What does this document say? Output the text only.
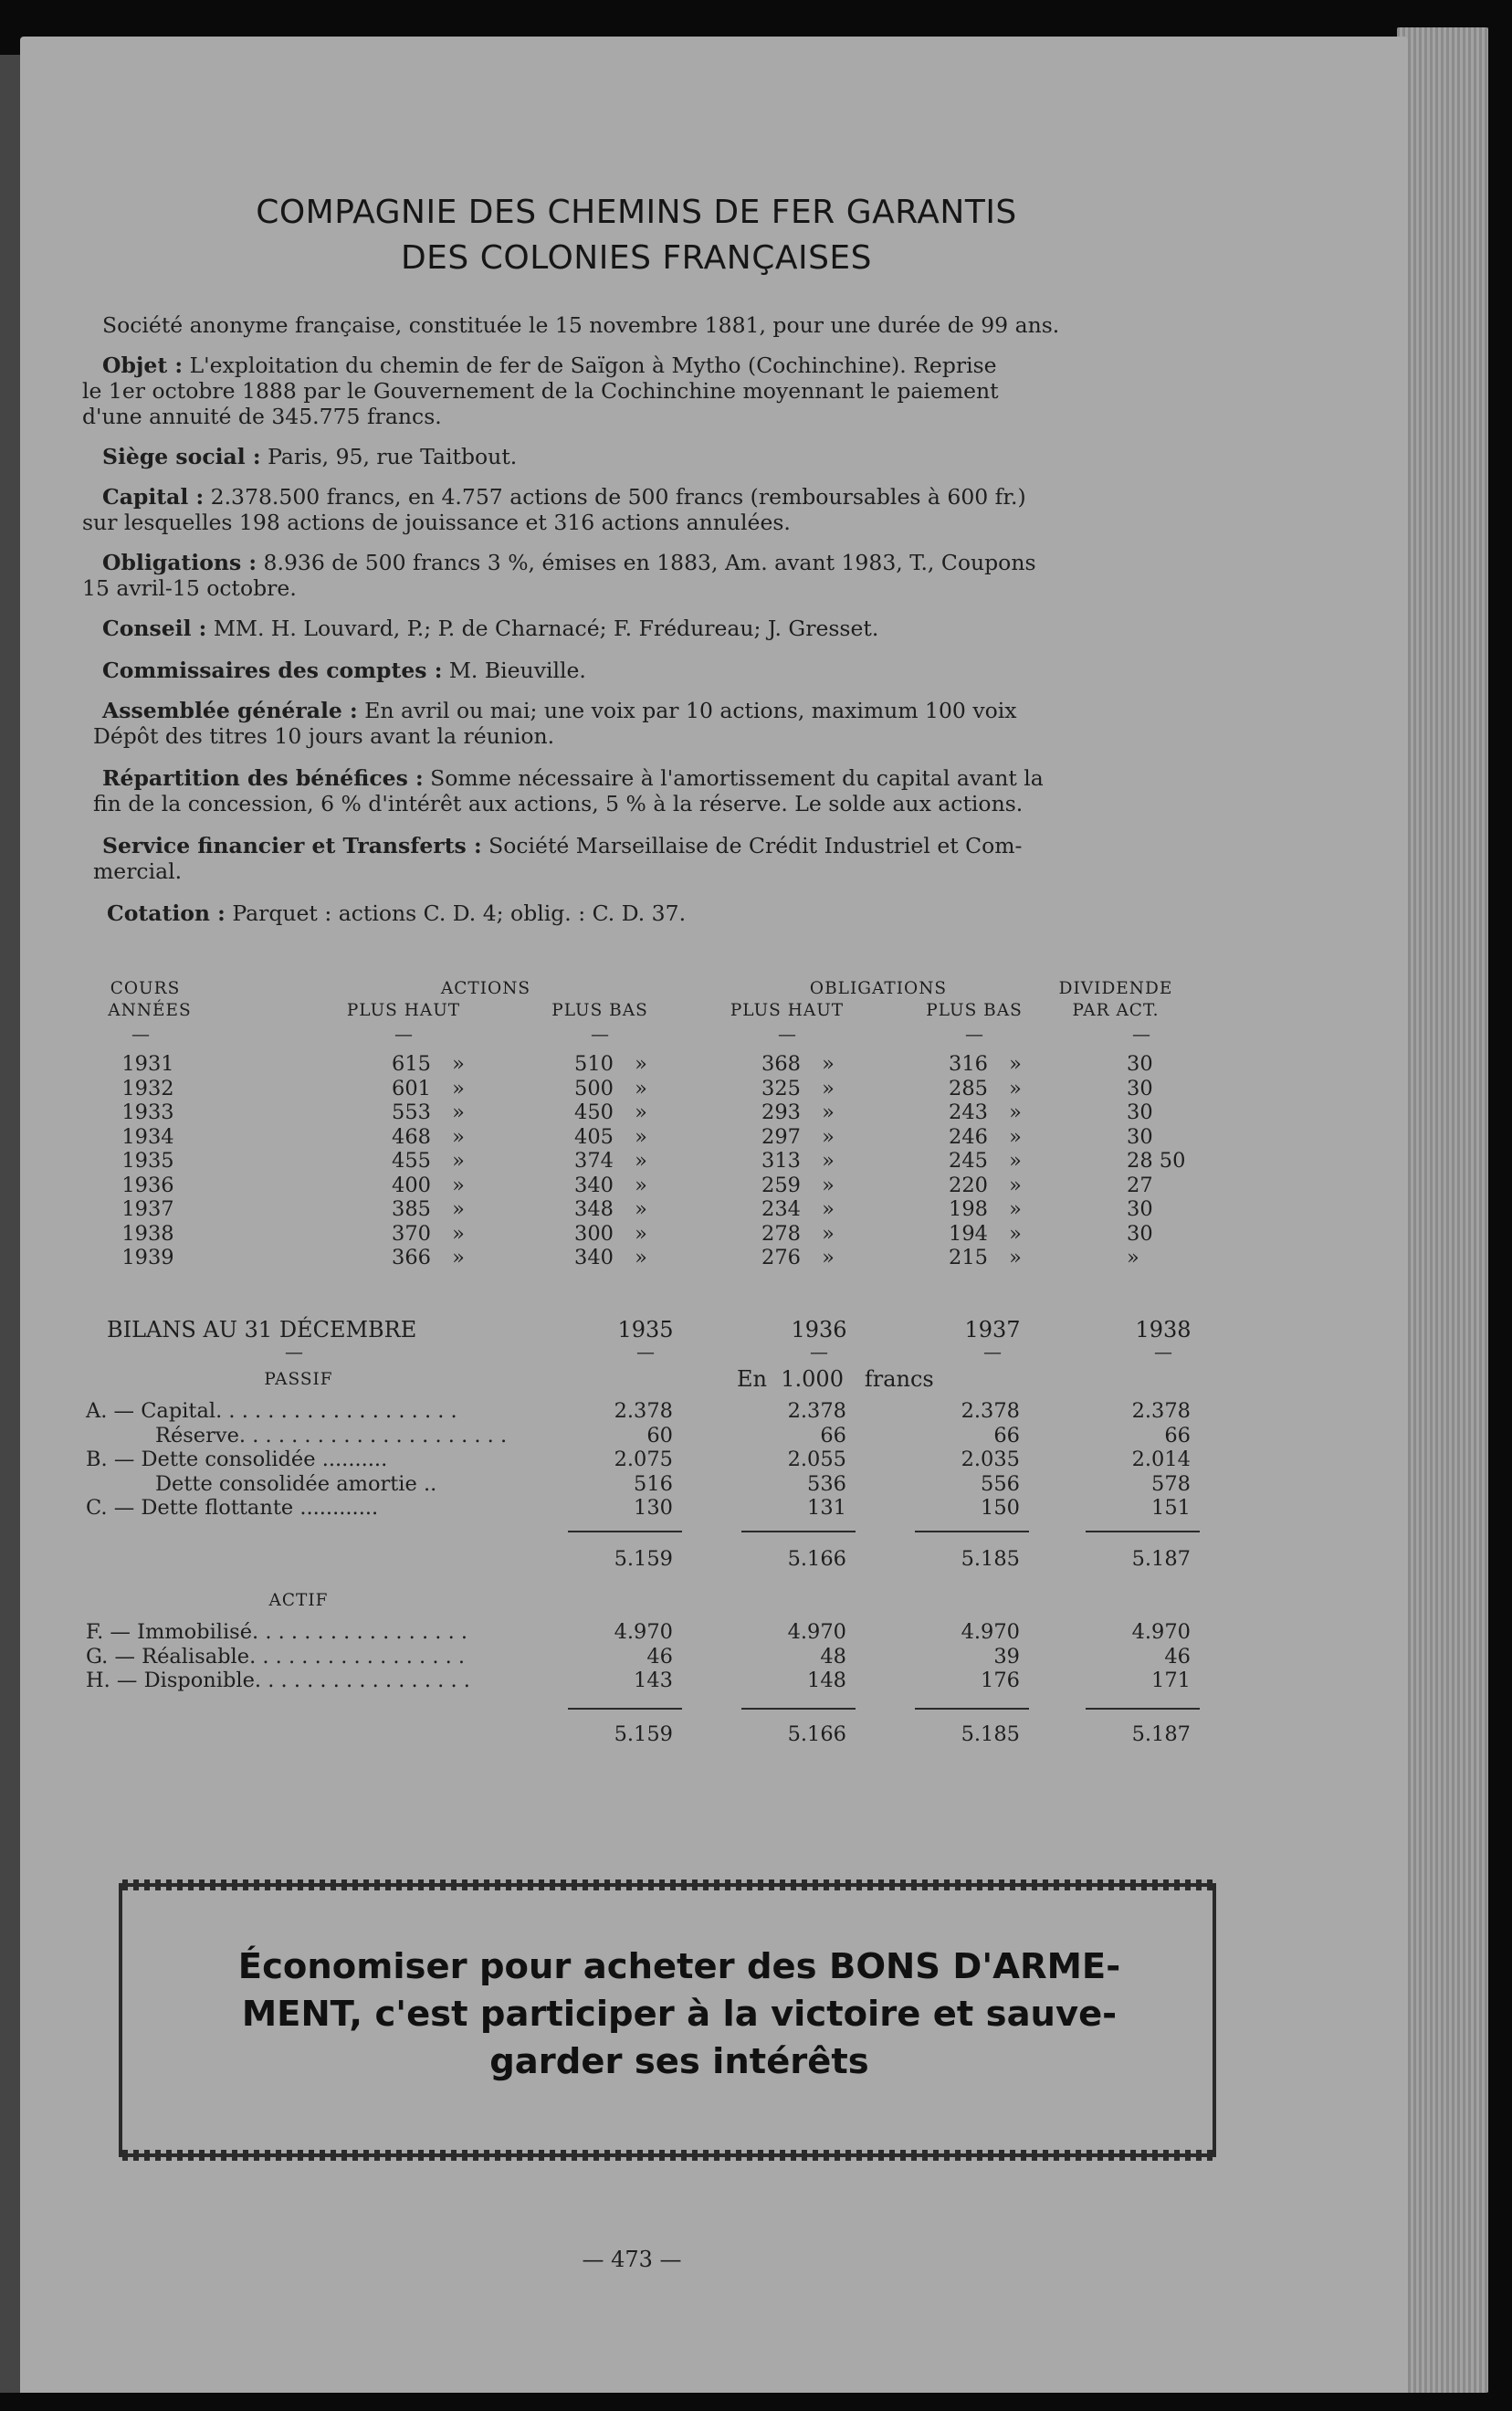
COMPAGNIE DES CHEMINS DE FER GARANTIS
DES COLONIES FRANÇAISES
Société anonyme française, constituée le 15 novembre 1881, pour une durée de 99 ans.
Objet : L'exploitation du chemin de fer de Saïgon à Mytho (Cochinchine). Reprise
le 1er octobre 1888 par le Gouvernement de la Cochinchine moyennant le paiement
d'une annuité de 345.775 francs.
Siège social : Paris, 95, rue Taitbout.
Capital : 2.378.500 francs, en 4.757 actions de 500 francs (remboursables à 600 fr.)
sur lesquelles 198 actions de jouissance et 316 actions annulées.
Obligations : 8.936 de 500 francs 3 %, émises en 1883, Am. avant 1983, T., Coupons
15 avril-15 octobre.
Conseil : MM. H. Louvard, P.; P. de Charnacé; F. Frédureau; J. Gresset.
Commissaires des comptes : M. Bieuville.
Assemblée générale : En avril ou mai; une voix par 10 actions, maximum 100 voix
Dépôt des titres 10 jours avant la réunion.
Répartition des bénéfices : Somme nécessaire à l'amortissement du capital avant la
fin de la concession, 6 % d'intérêt aux actions, 5 % à la réserve. Le solde aux actions.
Service financier et Transferts : Société Marseillaise de Crédit Industriel et Com-
mercial.
Cotation : Parquet : actions C. D. 4; oblig. : C. D. 37.
COURS
ANNÉES
ACTIONS	OBLIGATIONS	DIVIDENDE
PAR ACT.
PLUS HAUT	PLUS BAS	PLUS HAUT	PLUS BAS
—	—	—	—	—	—
1931	615	»	510	»	368	»	316	»	30
1932	601	»	500	»	325	»	285	»	30
1933	553	»	450	»	293	»	243	»	30
1934	468	»	405	»	297	»	246	»	30
1935	455	»	374	»	313	»	245	»	28 50
1936	400	»	340	»	259	»	220	»	27
1937	385	»	348	»	234	»	198	»	30
1938	370	»	300	»	278	»	194	»	30
1939	366	»	340	»	276	»	215	»	»
BILANS AU 31 DÉCEMBRE	1935
—
1936
—
1937
—
1938
—
—
PASSIF	En 1.000 francs
A. — Capital. . . . . . . . . . . . . . . . . . .	2.378	2.378	2.378	2.378
Réserve. . . . . . . . . . . . . . . . . . . . .	60	66	66	66
B. — Dette consolidée ..........	2.075	2.055	2.035	2.014
Dette consolidée amortie ..	516	536	556	578
C. — Dette flottante ............	130	131	150	151
5.159	5.166	5.185	5.187
F. — Immobilisé. . . . . . . . . . . . . . . . .	4.970	4.970	4.970	4.970
G. — Réalisable. . . . . . . . . . . . . . . . .	46	48	39	46
H. — Disponible. . . . . . . . . . . . . . . . .	143	148	176	171
5.159	5.166	5.185	5.187
ACTIF
Économiser pour acheter des BONS D'ARME-
MENT, c'est participer à la victoire et sauve-
garder ses intérêts
— 473 —
